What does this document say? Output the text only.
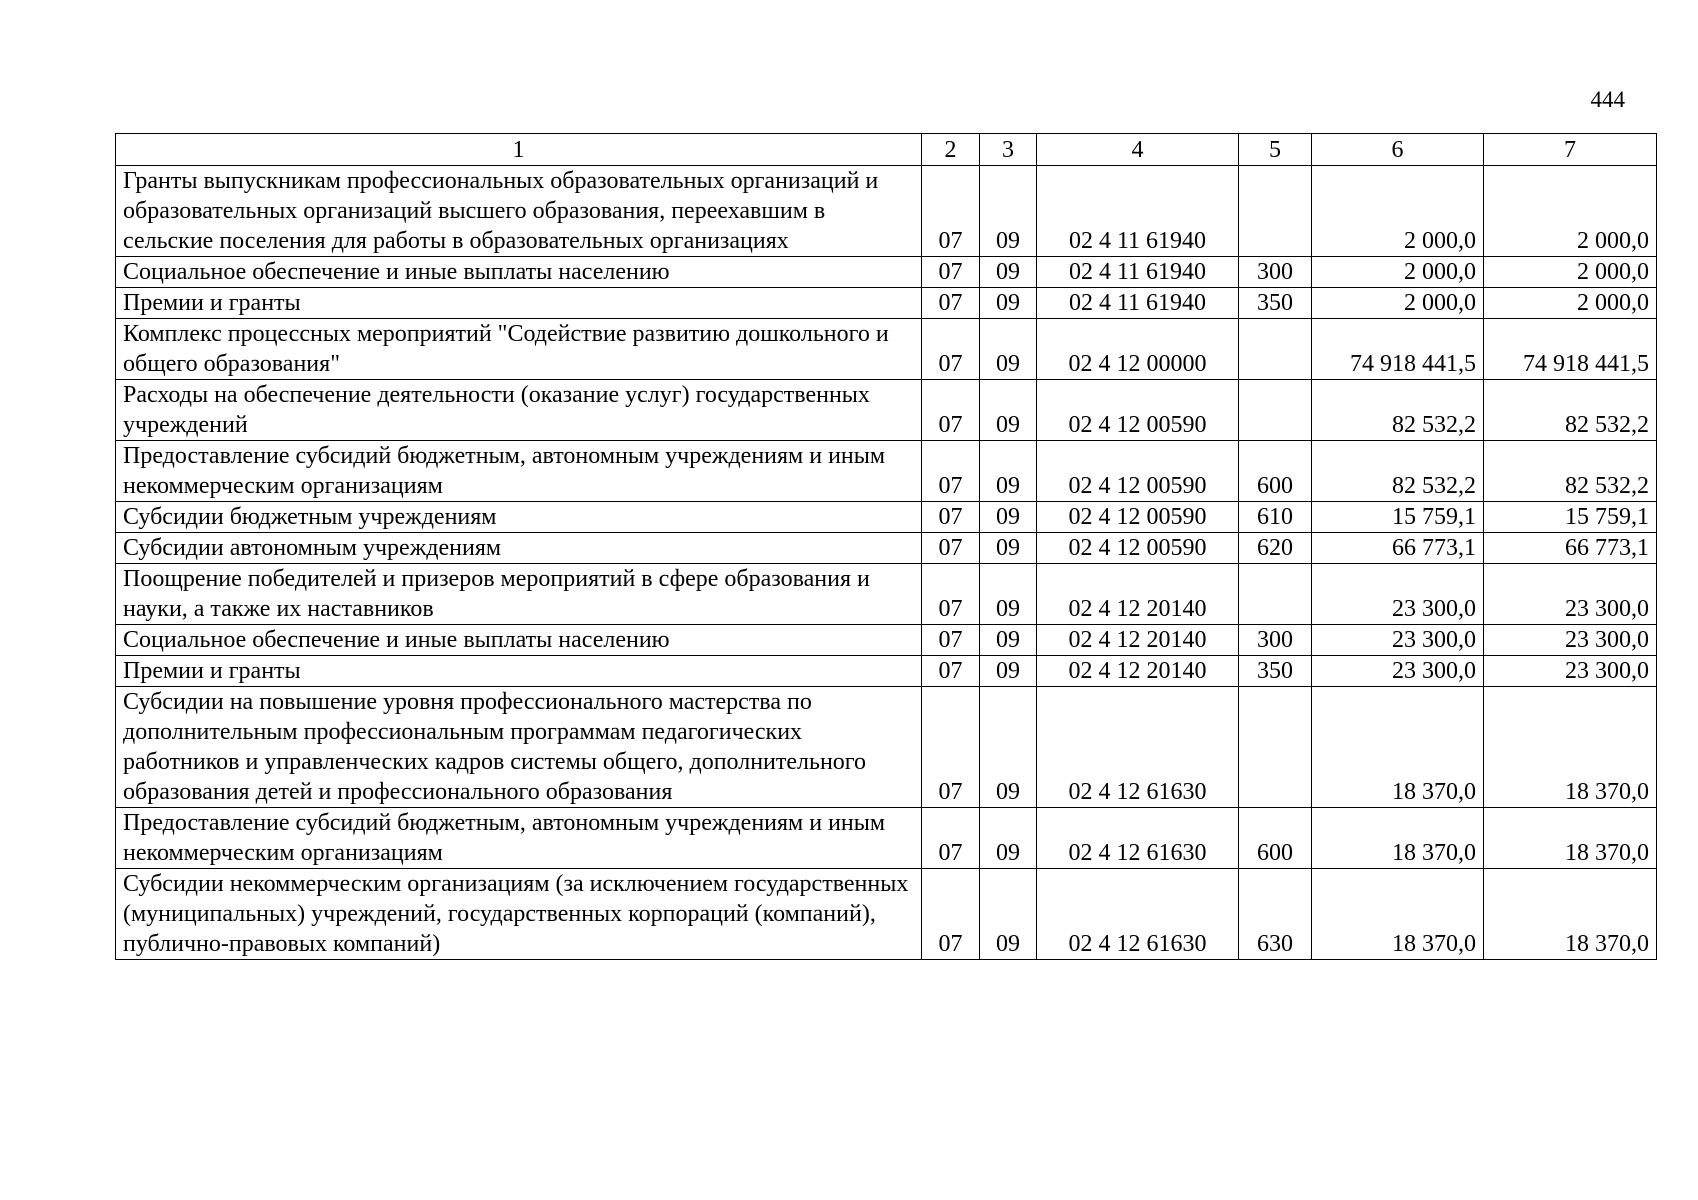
444
1	2	3	4	5	6	7
Гранты выпускникам профессиональных образовательных организаций и образовательных организаций высшего образования, переехавшим в сельские поселения для работы в образовательных организациях	07	09	02 4 11 61940		2 000,0	2 000,0
Социальное обеспечение и иные выплаты населению	07	09	02 4 11 61940	300	2 000,0	2 000,0
Премии и гранты	07	09	02 4 11 61940	350	2 000,0	2 000,0
Комплекс процессных мероприятий "Содействие развитию дошкольного и общего образования"	07	09	02 4 12 00000		74 918 441,5	74 918 441,5
Расходы на обеспечение деятельности (оказание услуг) государственных учреждений	07	09	02 4 12 00590		82 532,2	82 532,2
Предоставление субсидий бюджетным, автономным учреждениям и иным некоммерческим организациям	07	09	02 4 12 00590	600	82 532,2	82 532,2
Субсидии бюджетным учреждениям	07	09	02 4 12 00590	610	15 759,1	15 759,1
Субсидии автономным учреждениям	07	09	02 4 12 00590	620	66 773,1	66 773,1
Поощрение победителей и призеров мероприятий в сфере образования и науки, а также их наставников	07	09	02 4 12 20140		23 300,0	23 300,0
Социальное обеспечение и иные выплаты населению	07	09	02 4 12 20140	300	23 300,0	23 300,0
Премии и гранты	07	09	02 4 12 20140	350	23 300,0	23 300,0
Субсидии на повышение уровня профессионального мастерства по дополнительным профессиональным программам педагогических работников и управленческих кадров системы общего, дополнительного образования детей и профессионального образования	07	09	02 4 12 61630		18 370,0	18 370,0
Предоставление субсидий бюджетным, автономным учреждениям и иным некоммерческим организациям	07	09	02 4 12 61630	600	18 370,0	18 370,0
Субсидии некоммерческим организациям (за исключением государственных (муниципальных) учреждений, государственных корпораций (компаний), публично-правовых компаний)	07	09	02 4 12 61630	630	18 370,0	18 370,0
